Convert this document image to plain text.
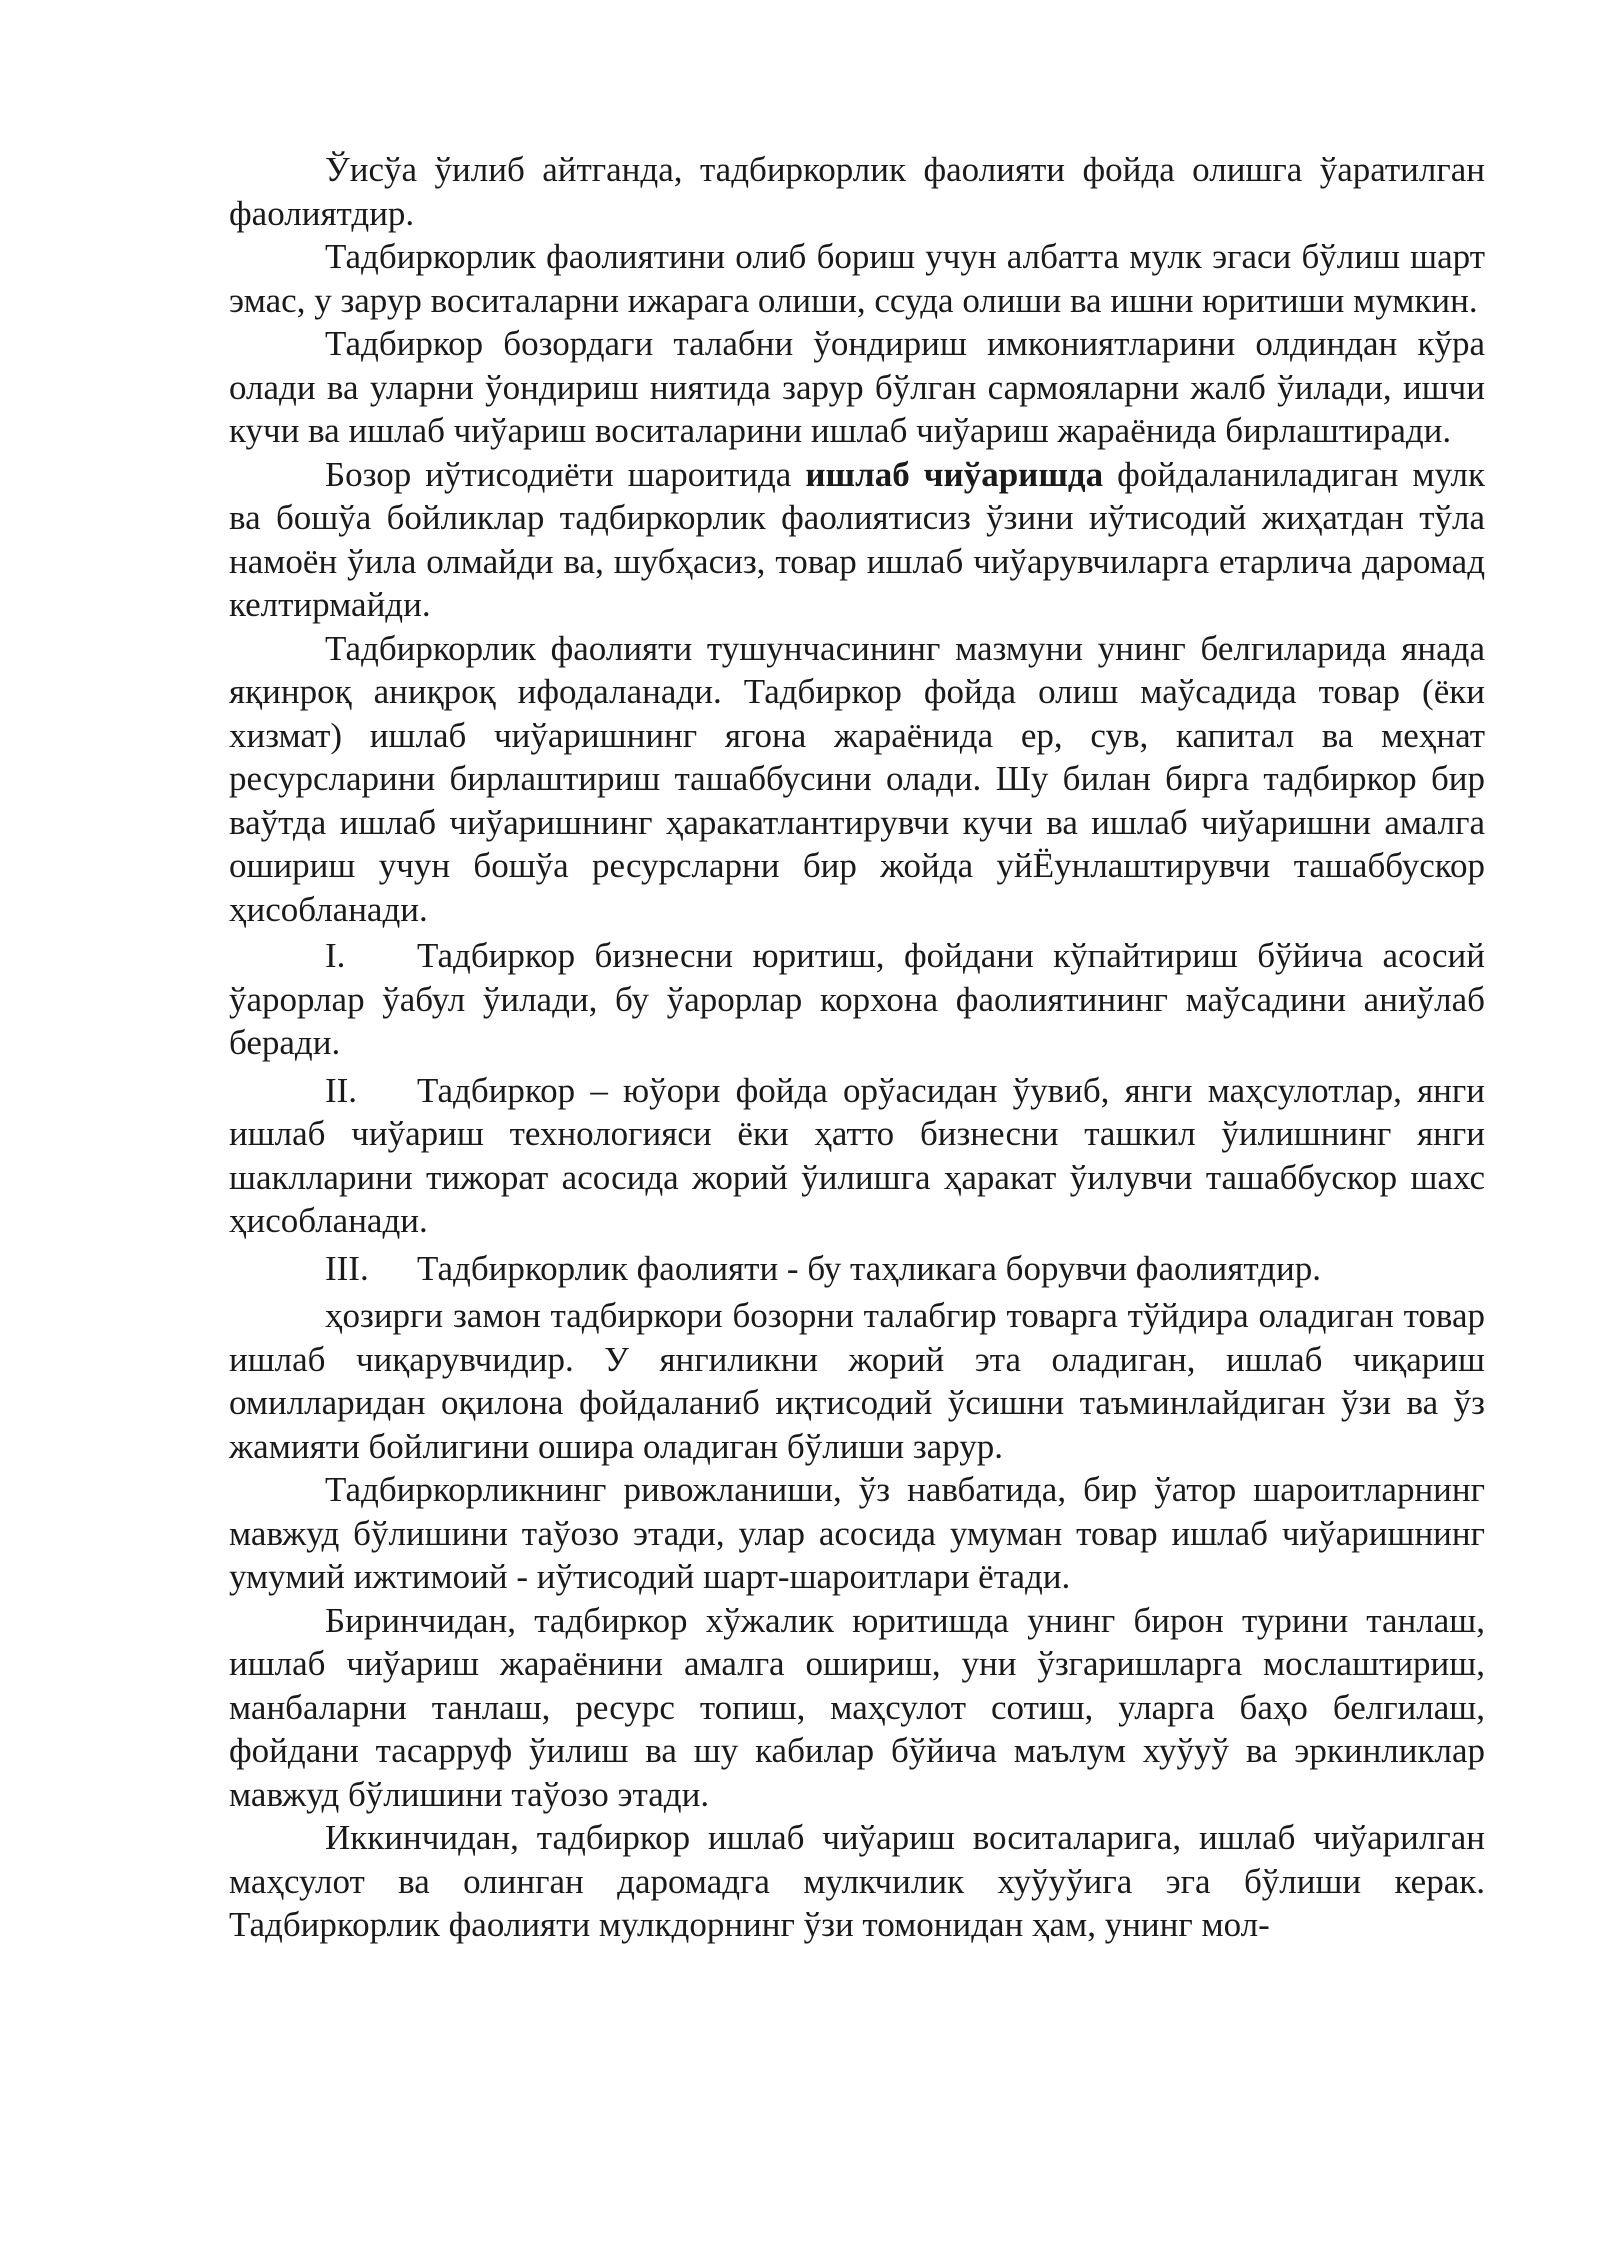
Ўисўа ўилиб айтганда, тадбиркорлик фаолияти фойда олишга ўаратилган фаолиятдир.

Тадбиркорлик фаолиятини олиб бориш учун албатта мулк эгаси бўлиш шарт эмас, у зарур воситаларни ижарага олиши, ссуда олиши ва ишни юритиши мумкин.

Тадбиркор бозордаги талабни ўондириш имкониятларини олдиндан кўра олади ва уларни ўондириш ниятида зарур бўлган сармояларни жалб ўилади, ишчи кучи ва ишлаб чиўариш воситаларини ишлаб чиўариш жараёнида бирлаштиради.

Бозор иўтисодиёти шароитида ишлаб чиўаришда фойдаланиладиган мулк ва бошўа бойликлар тадбиркорлик фаолиятисиз ўзини иўтисодий жиҳатдан тўла намоён ўила олмайди ва, шубҳасиз, товар ишлаб чиўарувчиларга етарлича даромад келтирмайди.

Тадбиркорлик фаолияти тушунчасининг мазмуни унинг белгиларида янада яқинроқ аниқроқ ифодаланади. Тадбиркор фойда олиш маўсадида товар (ёки хизмат) ишлаб чиўаришнинг ягона жараёнида ер, сув, капитал ва меҳнат ресурсларини бирлаштириш ташаббусини олади. Шу билан бирга тадбиркор бир ваўтда ишлаб чиўаришнинг ҳаракатлантирувчи кучи ва ишлаб чиўаришни амалга ошириш учун бошўа ресурсларни бир жойда уйЁунлаштирувчи ташаббускор ҳисобланади.

I. Тадбиркор бизнесни юритиш, фойдани кўпайтириш бўйича асосий ўарорлар ўабул ўилади, бу ўарорлар корхона фаолиятининг маўсадини аниўлаб беради.

II. Тадбиркор – юўори фойда орўасидан ўувиб, янги маҳсулотлар, янги ишлаб чиўариш технологияси ёки ҳатто бизнесни ташкил ўилишнинг янги шаклларини тижорат асосида жорий ўилишга ҳаракат ўилувчи ташаббускор шахс ҳисобланади.

III. Тадбиркорлик фаолияти - бу таҳликага борувчи фаолиятдир.

ҳозирги замон тадбиркори бозорни талабгир товарга тўйдира оладиган товар ишлаб чиқарувчидир. У янгиликни жорий эта оладиган, ишлаб чиқариш омилларидан оқилона фойдаланиб иқтисодий ўсишни таъминлайдиган ўзи ва ўз жамияти бойлигини ошира оладиган бўлиши зарур.

Тадбиркорликнинг ривожланиши, ўз навбатида, бир ўатор шароитларнинг мавжуд бўлишини таўозо этади, улар асосида умуман товар ишлаб чиўаришнинг умумий ижтимоий - иўтисодий шарт-шароитлари ётади.

Биринчидан, тадбиркор хўжалик юритишда унинг бирон турини танлаш, ишлаб чиўариш жараёнини амалга ошириш, уни ўзгаришларга мослаштириш, манбаларни танлаш, ресурс топиш, маҳсулот сотиш, уларга баҳо белгилаш, фойдани тасарруф ўилиш ва шу кабилар бўйича маълум хуўуў ва эркинликлар мавжуд бўлишини таўозо этади.

Иккинчидан, тадбиркор ишлаб чиўариш воситаларига, ишлаб чиўарилган маҳсулот ва олинган даромадга мулкчилик хуўуўига эга бўлиши керак. Тадбиркорлик фаолияти мулкдорнинг ўзи томонидан ҳам, унинг мол-
